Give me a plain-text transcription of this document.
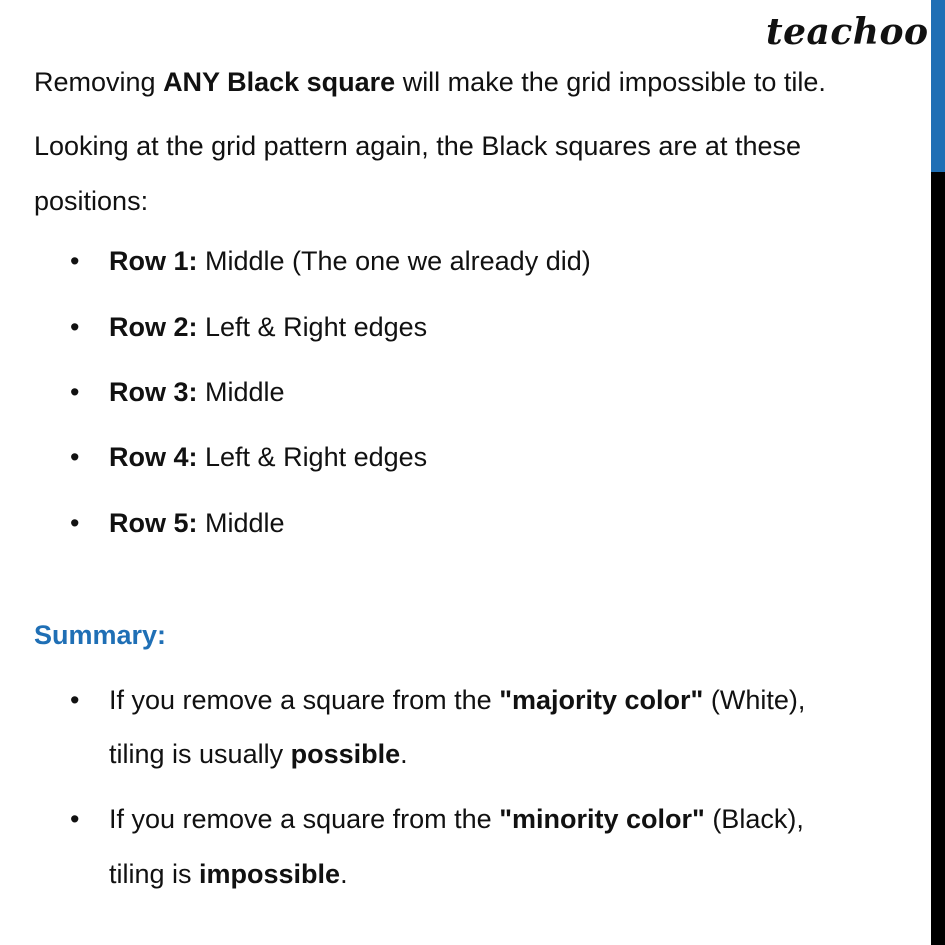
teachoo

Removing ANY Black square will make the grid impossible to tile.

Looking at the grid pattern again, the Black squares are at these
positions:

• Row 1: Middle (The one we already did)
• Row 2: Left & Right edges
• Row 3: Middle
• Row 4: Left & Right edges
• Row 5: Middle

Summary:

• If you remove a square from the "majority color" (White),
tiling is usually possible.
• If you remove a square from the "minority color" (Black),
tiling is impossible.
